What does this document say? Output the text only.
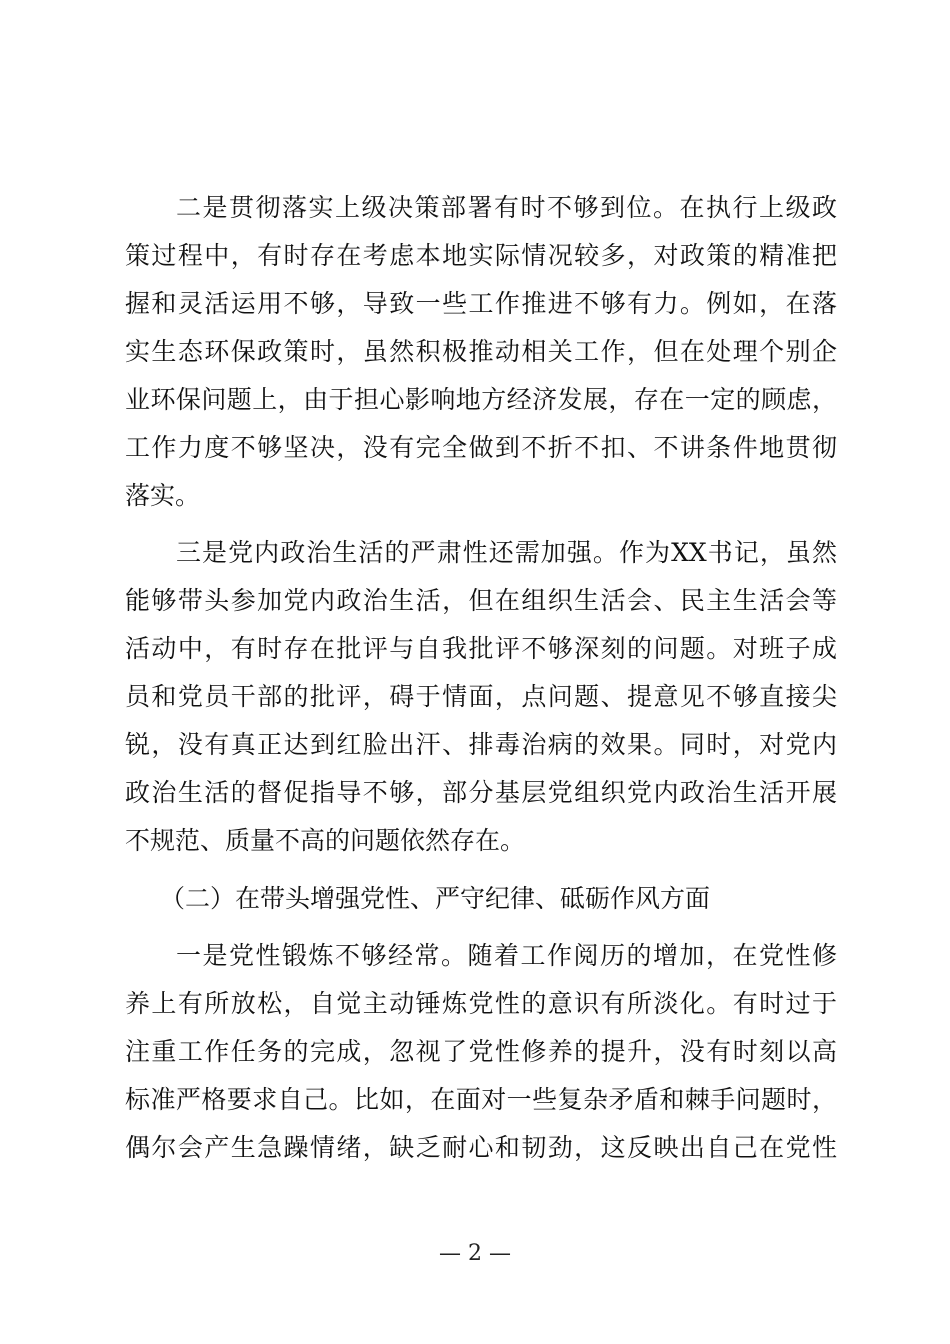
二是贯彻落实上级决策部署有时不够到位。在执行上级政
策过程中，有时存在考虑本地实际情况较多，对政策的精准把
握和灵活运用不够，导致一些工作推进不够有力。例如，在落
实生态环保政策时，虽然积极推动相关工作，但在处理个别企
业环保问题上，由于担心影响地方经济发展，存在一定的顾虑，
工作力度不够坚决，没有完全做到不折不扣、不讲条件地贯彻
落实。
三是党内政治生活的严肃性还需加强。作为XX书记，虽然
能够带头参加党内政治生活，但在组织生活会、民主生活会等
活动中，有时存在批评与自我批评不够深刻的问题。对班子成
员和党员干部的批评，碍于情面，点问题、提意见不够直接尖
锐，没有真正达到红脸出汗、排毒治病的效果。同时，对党内
政治生活的督促指导不够，部分基层党组织党内政治生活开展
不规范、质量不高的问题依然存在。
（二）在带头增强党性、严守纪律、砥砺作风方面
一是党性锻炼不够经常。随着工作阅历的增加，在党性修
养上有所放松，自觉主动锤炼党性的意识有所淡化。有时过于
注重工作任务的完成，忽视了党性修养的提升，没有时刻以高
标准严格要求自己。比如，在面对一些复杂矛盾和棘手问题时，
偶尔会产生急躁情绪，缺乏耐心和韧劲，这反映出自己在党性
— 2 —
